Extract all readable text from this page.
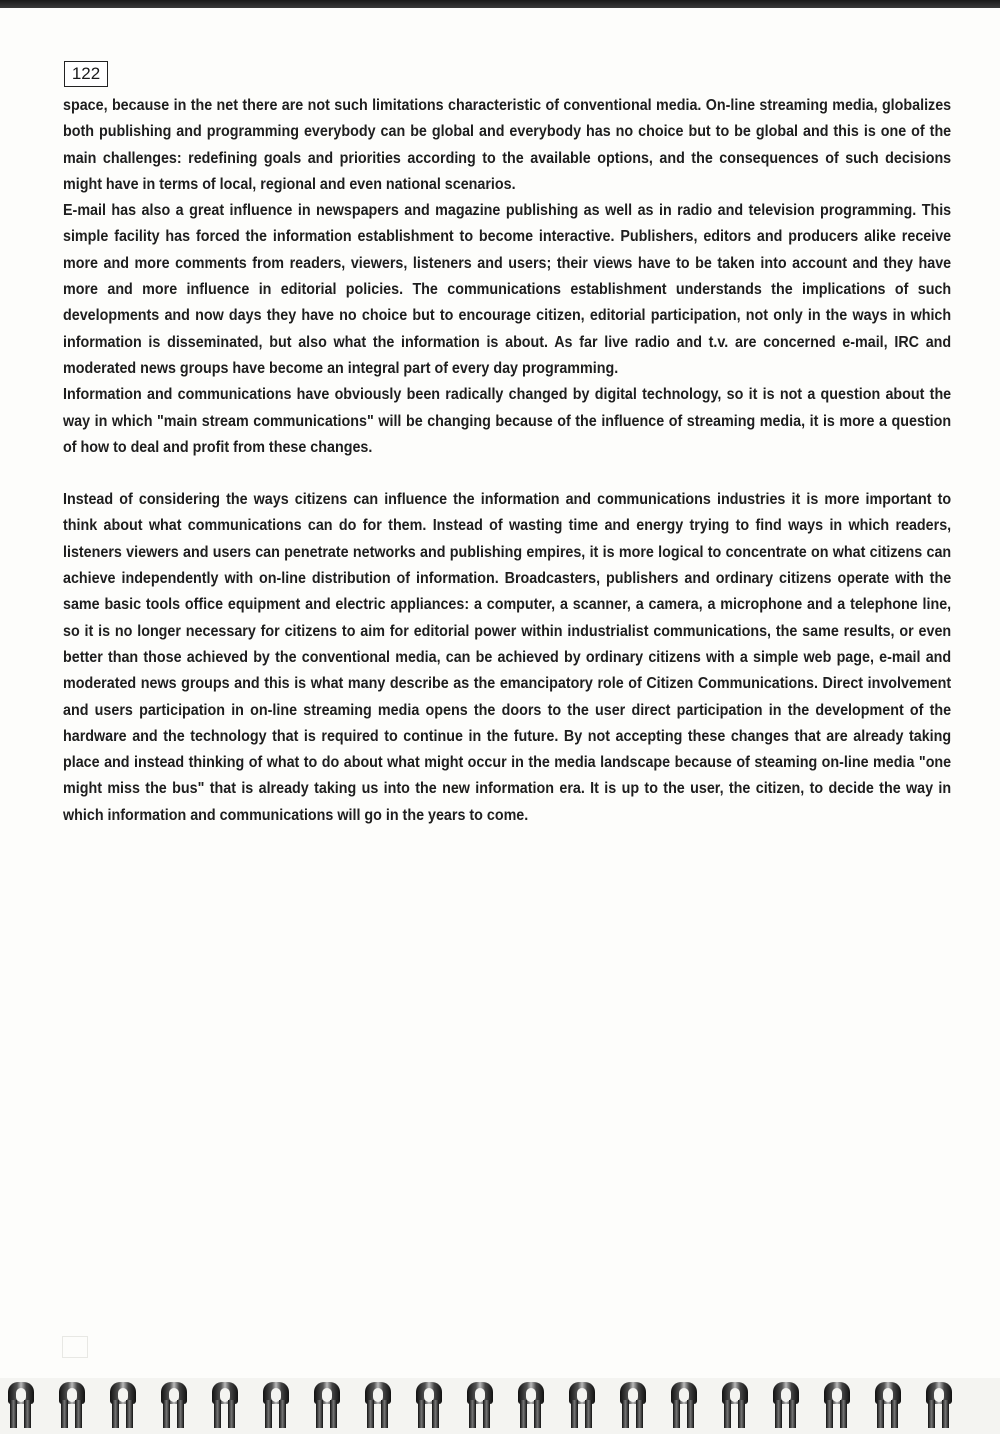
122

space, because in the net there are not such limitations characteristic of conventional media. On-line streaming media, globalizes both publishing and programming everybody can be global and everybody has no choice but to be global and this is one of the main challenges: redefining goals and priorities according to the available options, and the consequences of such decisions might have in terms of local, regional and even national scenarios.

E-mail has also a great influence in newspapers and magazine publishing as well as in radio and television programming. This simple facility has forced the information establishment to become interactive. Publishers, editors and producers alike receive more and more comments from readers, viewers, listeners and users; their views have to be taken into account and they have more and more influence in editorial policies. The communications establishment understands the implications of such developments and now days they have no choice but to encourage citizen, editorial participation, not only in the ways in which information is disseminated, but also what the information is about. As far live radio and t.v. are concerned e-mail, IRC and moderated news groups have become an integral part of every day programming.

Information and communications have obviously been radically changed by digital technology, so it is not a question about the way in which "main stream communications" will be changing because of the influence of streaming media, it is more a question of how to deal and profit from these changes.

Instead of considering the ways citizens can influence the information and communications industries it is more important to think about what communications can do for them. Instead of wasting time and energy trying to find ways in which readers, listeners viewers and users can penetrate networks and publishing empires, it is more logical to concentrate on what citizens can achieve independently with on-line distribution of information. Broadcasters, publishers and ordinary citizens operate with the same basic tools office equipment and electric appliances: a computer, a scanner, a camera, a microphone and a telephone line, so it is no longer necessary for citizens to aim for editorial power within industrialist communications, the same results, or even better than those achieved by the conventional media, can be achieved by ordinary citizens with a simple web page, e-mail and moderated news groups and this is what many describe as the emancipatory role of Citizen Communications. Direct involvement and users participation in on-line streaming media opens the doors to the user direct participation in the development of the hardware and the technology that is required to continue in the future. By not accepting these changes that are already taking place and instead thinking of what to do about what might occur in the media landscape because of steaming on-line media "one might miss the bus" that is already taking us into the new information era. It is up to the user, the citizen, to decide the way in which information and communications will go in the years to come.
